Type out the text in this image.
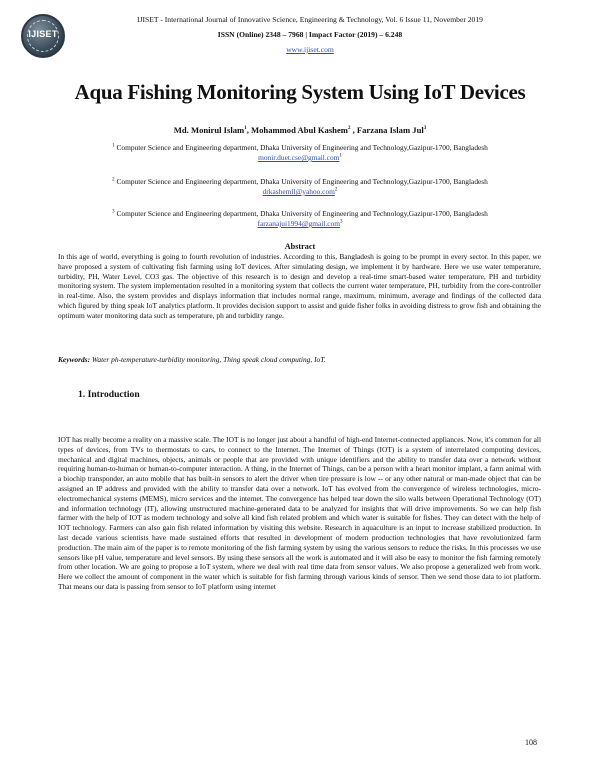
IJISET
IJISET - International Journal of Innovative Science, Engineering & Technology, Vol. 6 Issue 11, November 2019
ISSN (Online) 2348 – 7968 | Impact Factor (2019) – 6.248
www.ijiset.com
Aqua Fishing Monitoring System Using IoT Devices
Md. Monirul Islam$^1$, Mohammod Abul Kashem$^2$ , Farzana Islam Jul$^3$
$^1$ Computer Science and Engineering department, Dhaka University of Engineering and Technology,Gazipur-1700, Bangladesh
monir.duet.cse@gmail.com$^1$
$^2$ Computer Science and Engineering department, Dhaka University of Engineering and Technology,Gazipur-1700, Bangladesh
drkashemll@yahoo.com$^2$
$^3$ Computer Science and Engineering department, Dhaka University of Engineering and Technology,Gazipur-1700, Bangladesh
farzanajui1994@gmail.com$^3$
Abstract
In this age of world, everything is going to fourth revolution of industries. According to this, Bangladesh is going to be prompt in every sector. In this paper, we have proposed a system of cultivating fish farming using IoT devices. After simulating design, we implement it by hardware. Here we use water temperature, turbidity, PH, Water Level, CO3 gas. The objective of this research is to design and develop a real-time smart-based water temperature, PH and turbidity monitoring system. The system implementation resulted in a monitoring system that collects the current water temperature, PH, turbidity from the core-controller in real-time. Also, the system provides and displays information that includes normal range, maximum, minimum, average and findings of the collected data which figured by thing speak IoT analytics platform. It provides decision support to assist and guide fisher folks in avoiding distress to grow fish and obtaining the optimum water monitoring data such as temperature, ph and turbidity range.
Keywords: Water ph-temperature-turbidity monitoring, Thing speak cloud computing, IoT.
1. Introduction
IOT has really become a reality on a massive scale. The IOT is no longer just about a handful of high-end Internet-connected appliances. Now, it's common for all types of devices, from TVs to thermostats to cars, to connect to the Internet. The Internet of Things (IOT) is a system of interrelated computing devices, mechanical and digital machines, objects, animals or people that are provided with unique identifiers and the ability to transfer data over a network without requiring human-to-human or human-to-computer interaction. A thing, in the Internet of Things, can be a person with a heart monitor implant, a farm animal with a biochip transponder, an auto mobile that has built-in sensors to alert the driver when tire pressure is low -- or any other natural or man-made object that can be assigned an IP address and provided with the ability to transfer data over a network. IoT has evolved from the convergence of wireless technologies, micro- electromechanical systems (MEMS), micro services and the internet. The convergence has helped tear down the silo walls between Operational Technology (OT) and information technology (IT), allowing unstructured machine-generated data to be analyzed for insights that will drive improvements. So we can help fish farmer with the help of IOT as modern technology and solve all kind fish related problem and which water is suitable for fishes. They can detect with the help of IOT technology. Farmers can also gain fish related information by visiting this website. Research in aquaculture is an input to increase stabilized production. In last decade various scientists have made sustained efforts that resulted in development of modern production technologies that have revolutionized farm production. The main aim of the paper is to remote monitoring of the fish farming system by using the various sensors to reduce the risks. In this processes we use sensors like pH value, temperature and level sensors. By using these sensors all the work is automated and it will also be easy to monitor the fish farming remotely from other location. We are going to propose a IoT system, where we deal with real time data from sensor values. We also propose a generalized web from work. Here we collect the amount of component in the water which is suitable for fish farming through various kinds of sensor. Then we send those data to iot platform. That means our data is passing from sensor to IoT platform using internet
108
